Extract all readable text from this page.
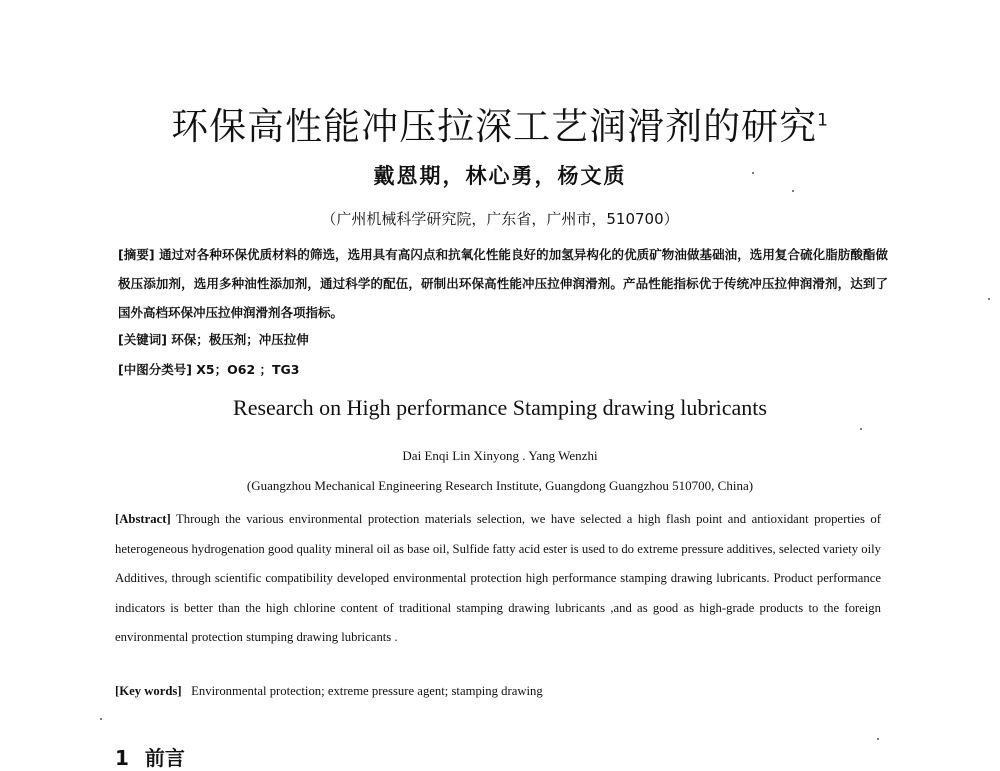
环保高性能冲压拉深工艺润滑剂的研究$^1$
戴恩期，林心勇，杨文质
（广州机械科学研究院，广东省，广州市，510700）
[摘要] 通过对各种环保优质材料的筛选，选用具有高闪点和抗氧化性能良好的加氢异构化的优质矿物油做基础油，选用复合硫化脂肪酸酯做极压添加剂，选用多种油性添加剂，通过科学的配伍，研制出环保高性能冲压拉伸润滑剂。产品性能指标优于传统冲压拉伸润滑剂，达到了国外高档环保冲压拉伸润滑剂各项指标。
[关键词] 环保；极压剂；冲压拉伸
[中图分类号] X5；O62 ；TG3
Research on High performance Stamping drawing lubricants
Dai Enqi Lin Xinyong . Yang Wenzhi
(Guangzhou Mechanical Engineering Research Institute, Guangdong Guangzhou 510700, China)
[Abstract] Through the various environmental protection materials selection, we have selected a high flash point and antioxidant properties of heterogeneous hydrogenation good quality mineral oil as base oil, Sulfide fatty acid ester is used to do extreme pressure additives, selected variety oily Additives, through scientific compatibility developed environmental protection high performance stamping drawing lubricants. Product performance indicators is better than the high chlorine content of traditional stamping drawing lubricants ,and as good as high-grade products to the foreign environmental protection stumping drawing lubricants .
[Key words] Environmental protection; extreme pressure agent; stamping drawing
1 前言
